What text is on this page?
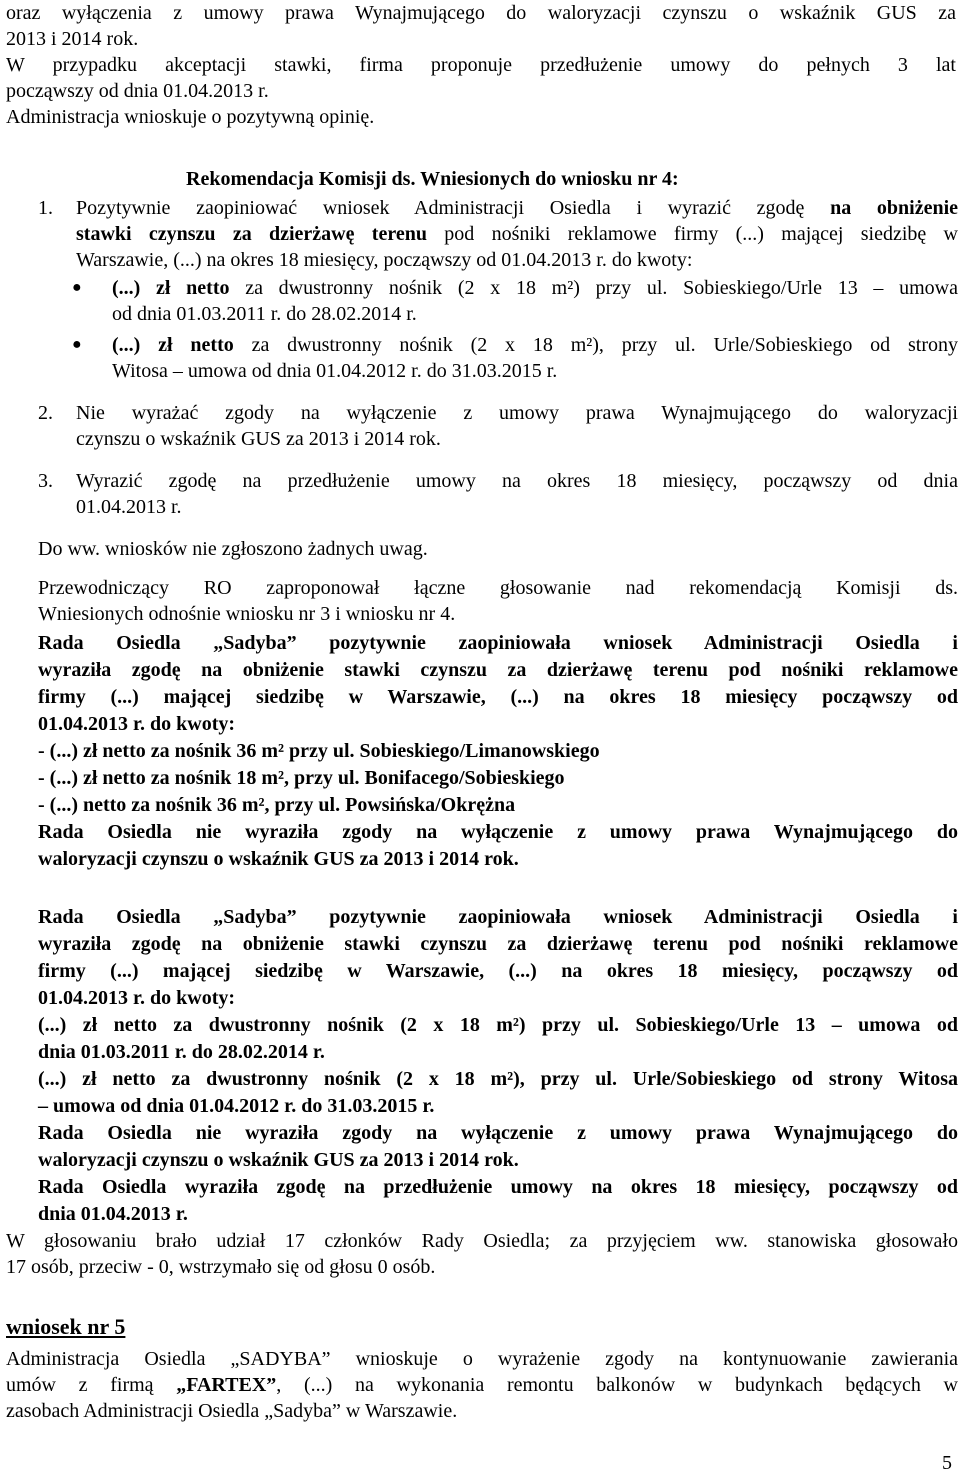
oraz wyłączenia z umowy prawa Wynajmującego do waloryzacji czynszu o wskaźnik GUS za
2013 i 2014 rok.
W przypadku akceptacji stawki, firma proponuje przedłużenie umowy do pełnych 3 lat
począwszy od dnia 01.04.2013 r.
Administracja wnioskuje o pozytywną opinię.
Rekomendacja Komisji ds. Wniesionych do wniosku nr 4:
1. Pozytywnie zaopiniować wniosek Administracji Osiedla i wyrazić zgodę na obniżenie
stawki czynszu za dzierżawę terenu pod nośniki reklamowe firmy (...) mającej siedzibę w
Warszawie, (...) na okres 18 miesięcy, począwszy od 01.04.2013 r. do kwoty:
● (...) zł netto za dwustronny nośnik (2 x 18 m²) przy ul. Sobieskiego/Urle 13 – umowa
od dnia 01.03.2011 r. do 28.02.2014 r.
● (...) zł netto za dwustronny nośnik (2 x 18 m²), przy ul. Urle/Sobieskiego od strony
Witosa – umowa od dnia 01.04.2012 r. do 31.03.2015 r.
2. Nie wyrażać zgody na wyłączenie z umowy prawa Wynajmującego do waloryzacji
czynszu o wskaźnik GUS za 2013 i 2014 rok.
3. Wyrazić zgodę na przedłużenie umowy na okres 18 miesięcy, począwszy od dnia
01.04.2013 r.
Do ww. wniosków nie zgłoszono żadnych uwag.
Przewodniczący RO zaproponował łączne głosowanie nad rekomendacją Komisji ds.
Wniesionych odnośnie wniosku nr 3 i wniosku nr 4.
Rada Osiedla „Sadyba” pozytywnie zaopiniowała wniosek Administracji Osiedla i
wyraziła zgodę na obniżenie stawki czynszu za dzierżawę terenu pod nośniki reklamowe
firmy (...) mającej siedzibę w Warszawie, (...) na okres 18 miesięcy począwszy od
01.04.2013 r. do kwoty:
- (...) zł netto za nośnik 36 m² przy ul. Sobieskiego/Limanowskiego
- (...) zł netto za nośnik 18 m², przy ul. Bonifacego/Sobieskiego
- (...) netto za nośnik 36 m², przy ul. Powsińska/Okrężna
Rada Osiedla nie wyraziła zgody na wyłączenie z umowy prawa Wynajmującego do
waloryzacji czynszu o wskaźnik GUS za 2013 i 2014 rok.
Rada Osiedla „Sadyba” pozytywnie zaopiniowała wniosek Administracji Osiedla i
wyraziła zgodę na obniżenie stawki czynszu za dzierżawę terenu pod nośniki reklamowe
firmy (...) mającej siedzibę w Warszawie, (...) na okres 18 miesięcy, począwszy od
01.04.2013 r. do kwoty:
(...) zł netto za dwustronny nośnik (2 x 18 m²) przy ul. Sobieskiego/Urle 13 – umowa od
dnia 01.03.2011 r. do 28.02.2014 r.
(...) zł netto za dwustronny nośnik (2 x 18 m²), przy ul. Urle/Sobieskiego od strony Witosa
– umowa od dnia 01.04.2012 r. do 31.03.2015 r.
Rada Osiedla nie wyraziła zgody na wyłączenie z umowy prawa Wynajmującego do
waloryzacji czynszu o wskaźnik GUS za 2013 i 2014 rok.
Rada Osiedla wyraziła zgodę na przedłużenie umowy na okres 18 miesięcy, począwszy od
dnia 01.04.2013 r.
W głosowaniu brało udział 17 członków Rady Osiedla; za przyjęciem ww. stanowiska głosowało
17 osób, przeciw - 0, wstrzymało się od głosu 0 osób.
wniosek nr 5
Administracja Osiedla „SADYBA” wnioskuje o wyrażenie zgody na kontynuowanie zawierania
umów z firmą „FARTEX”, (...) na wykonania remontu balkonów w budynkach będących w
zasobach Administracji Osiedla „Sadyba” w Warszawie.
5
